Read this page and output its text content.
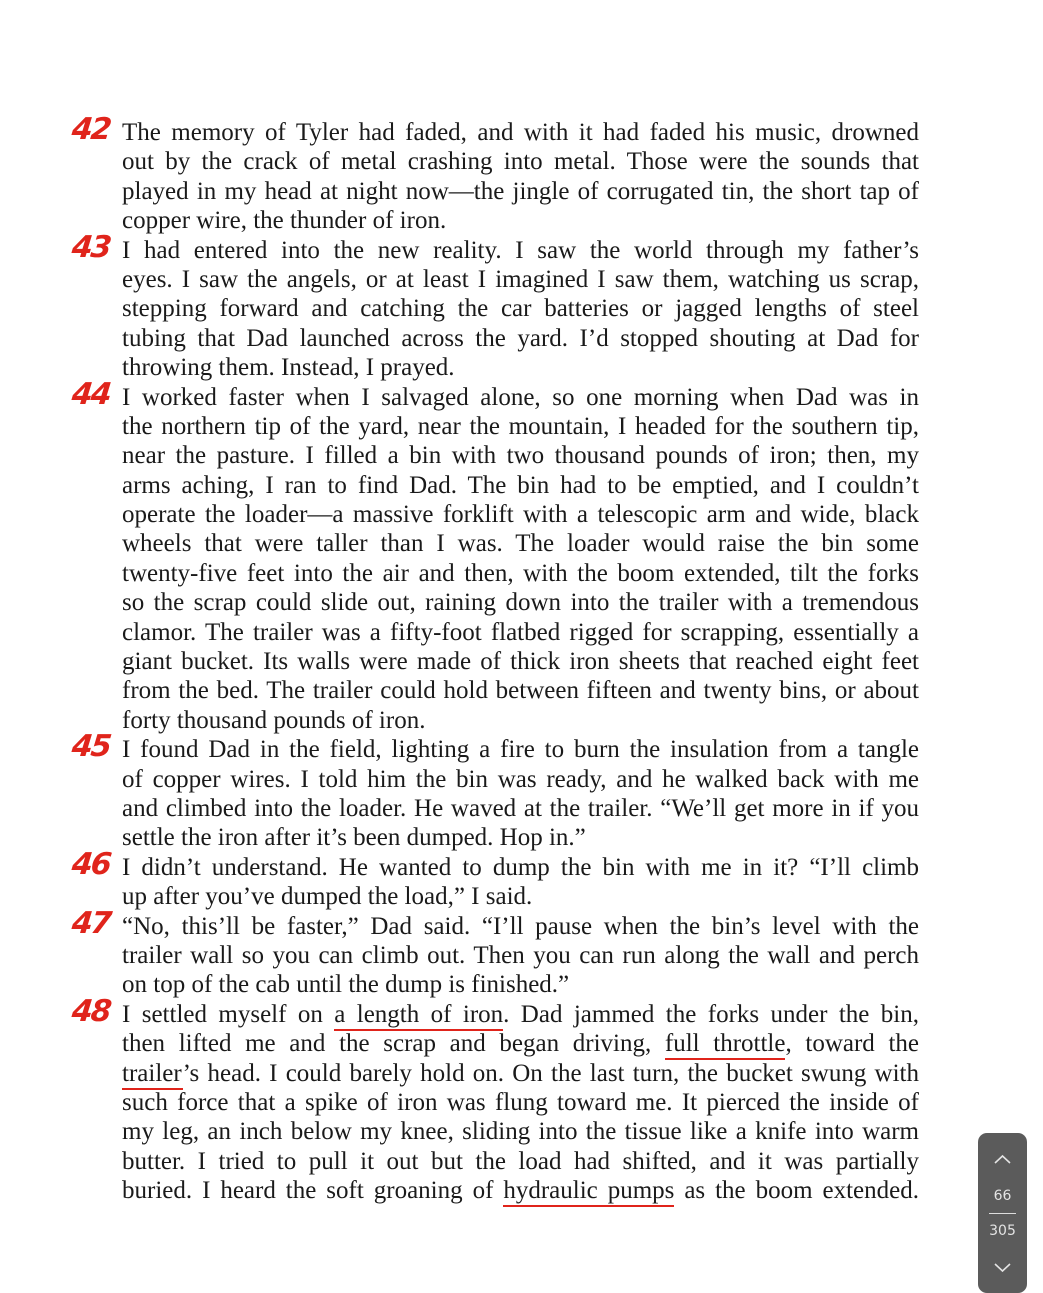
42 The memory of Tyler had faded, and with it had faded his music, drowned
out by the crack of metal crashing into metal. Those were the sounds that
played in my head at night now—the jingle of corrugated tin, the short tap of
copper wire, the thunder of iron.
43 I had entered into the new reality. I saw the world through my father’s
eyes. I saw the angels, or at least I imagined I saw them, watching us scrap,
stepping forward and catching the car batteries or jagged lengths of steel
tubing that Dad launched across the yard. I’d stopped shouting at Dad for
throwing them. Instead, I prayed.
44 I worked faster when I salvaged alone, so one morning when Dad was in
the northern tip of the yard, near the mountain, I headed for the southern tip,
near the pasture. I filled a bin with two thousand pounds of iron; then, my
arms aching, I ran to find Dad. The bin had to be emptied, and I couldn’t
operate the loader—a massive forklift with a telescopic arm and wide, black
wheels that were taller than I was. The loader would raise the bin some
twenty-five feet into the air and then, with the boom extended, tilt the forks
so the scrap could slide out, raining down into the trailer with a tremendous
clamor. The trailer was a fifty-foot flatbed rigged for scrapping, essentially a
giant bucket. Its walls were made of thick iron sheets that reached eight feet
from the bed. The trailer could hold between fifteen and twenty bins, or about
forty thousand pounds of iron.
45 I found Dad in the field, lighting a fire to burn the insulation from a tangle
of copper wires. I told him the bin was ready, and he walked back with me
and climbed into the loader. He waved at the trailer. “We’ll get more in if you
settle the iron after it’s been dumped. Hop in.”
46 I didn’t understand. He wanted to dump the bin with me in it? “I’ll climb
up after you’ve dumped the load,” I said.
47 “No, this’ll be faster,” Dad said. “I’ll pause when the bin’s level with the
trailer wall so you can climb out. Then you can run along the wall and perch
on top of the cab until the dump is finished.”
48 I settled myself on a length of iron. Dad jammed the forks under the bin,
then lifted me and the scrap and began driving, full throttle, toward the
trailer’s head. I could barely hold on. On the last turn, the bucket swung with
such force that a spike of iron was flung toward me. It pierced the inside of
my leg, an inch below my knee, sliding into the tissue like a knife into warm
butter. I tried to pull it out but the load had shifted, and it was partially
buried. I heard the soft groaning of hydraulic pumps as the boom extended.	66
305
